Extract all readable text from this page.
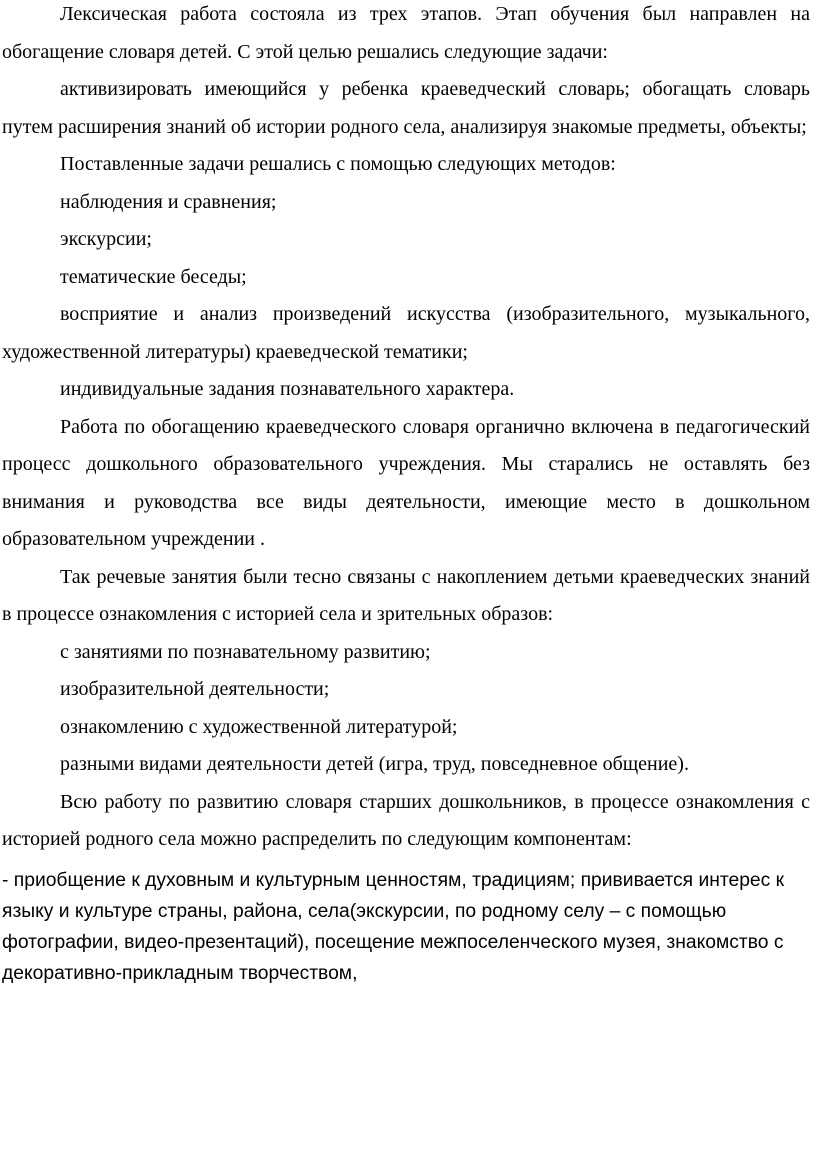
Лексическая работа состояла из трех этапов. Этап обучения был направлен на обогащение словаря детей. С этой целью решались следующие задачи:

активизировать имеющийся у ребенка краеведческий словарь; обогащать словарь путем расширения знаний об истории родного села, анализируя знакомые предметы, объекты;

Поставленные задачи решались с помощью следующих методов:

наблюдения и сравнения;

экскурсии;

тематические беседы;

восприятие и анализ произведений искусства (изобразительного, музыкального, художественной литературы) краеведческой тематики;

индивидуальные задания познавательного характера.

Работа по обогащению краеведческого словаря органично включена в педагогический процесс дошкольного образовательного учреждения. Мы старались не оставлять без внимания и руководства все виды деятельности, имеющие место в дошкольном образовательном учреждении .

Так речевые занятия были тесно связаны с накоплением детьми краеведческих знаний в процессе ознакомления с историей села и зрительных образов:

с занятиями по познавательному развитию;

изобразительной деятельности;

ознакомлению с художественной литературой;

разными видами деятельности детей (игра, труд, повседневное общение).

Всю работу по развитию словаря старших дошкольников, в процессе ознакомления с историей родного села можно распределить по следующим компонентам:

- приобщение к духовным и культурным ценностям, традициям; прививается интерес к языку и культуре страны, района, села(экскурсии, по родному селу – с помощью фотографии, видео-презентаций), посещение межпоселенческого музея, знакомство с декоративно-прикладным творчеством,
